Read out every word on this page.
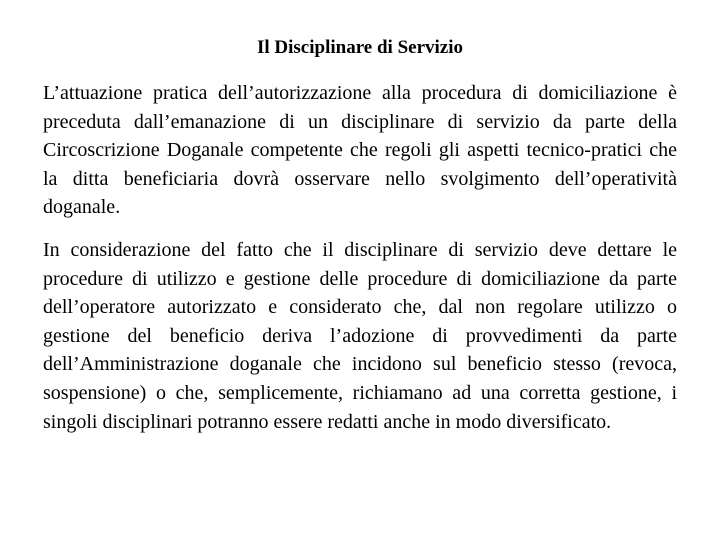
Il Disciplinare di Servizio

L’attuazione pratica dell’autorizzazione alla procedura di domiciliazione è preceduta dall’emanazione di un disciplinare di servizio da parte della Circoscrizione Doganale competente che regoli gli aspetti tecnico-pratici che la ditta beneficiaria dovrà osservare nello svolgimento dell’operatività doganale.

In considerazione del fatto che il disciplinare di servizio deve dettare le procedure di utilizzo e gestione delle procedure di domiciliazione da parte dell’operatore autorizzato e considerato che, dal non regolare utilizzo o gestione del beneficio deriva l’adozione di provvedimenti da parte dell’Amministrazione doganale che incidono sul beneficio stesso (revoca, sospensione) o che, semplicemente, richiamano ad una corretta gestione, i singoli disciplinari potranno essere redatti anche in modo diversificato.
